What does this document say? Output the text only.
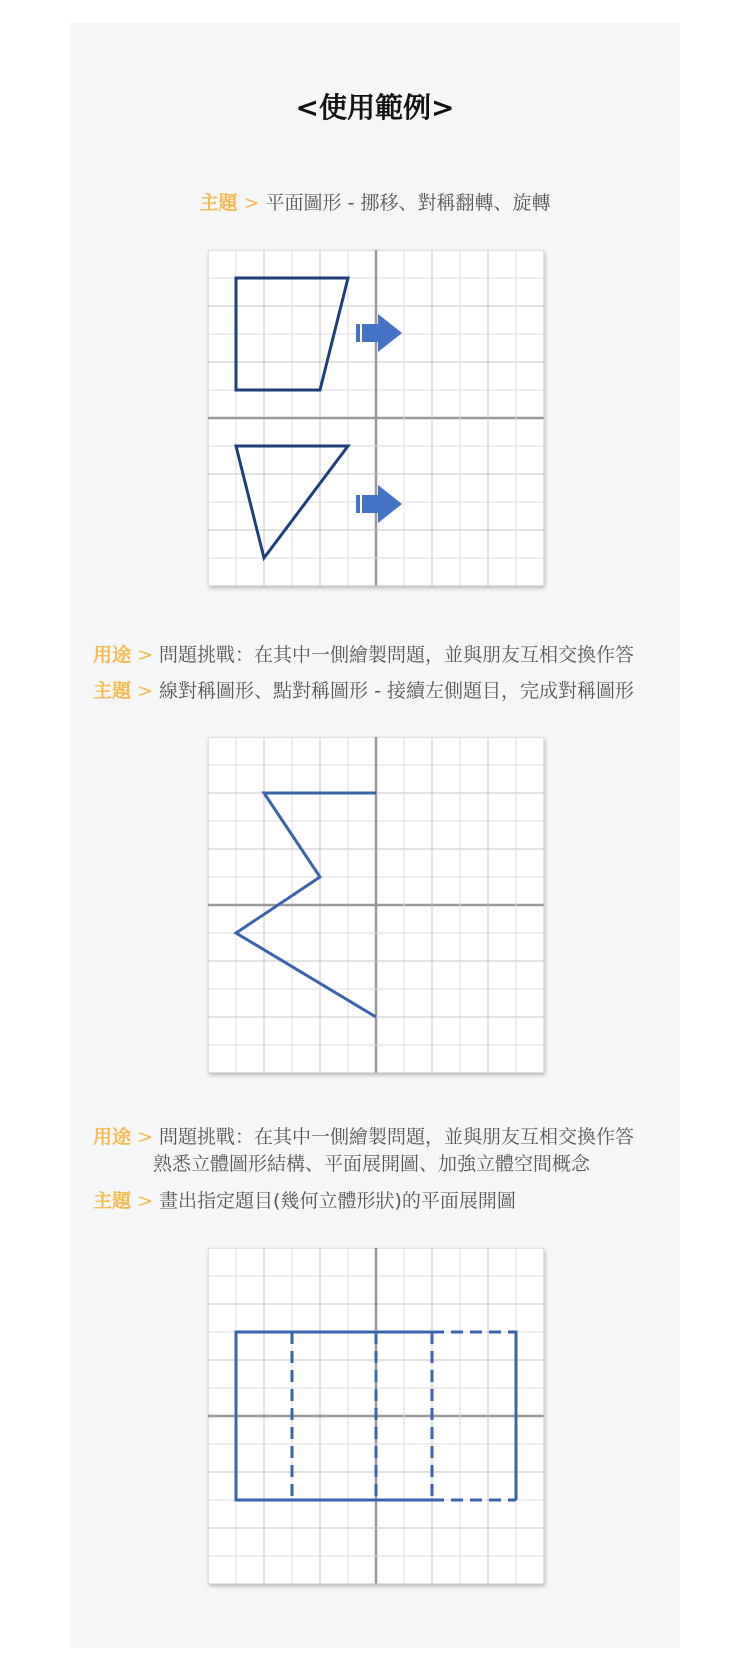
<使用範例>
主題 > 平面圖形 - 挪移、對稱翻轉、旋轉
用途 > 問題挑戰：在其中一側繪製問題，並與朋友互相交換作答
主題 > 線對稱圖形、點對稱圖形 - 接續左側題目，完成對稱圖形
用途 > 問題挑戰：在其中一側繪製問題，並與朋友互相交換作答
熟悉立體圖形結構、平面展開圖、加強立體空間概念
主題 > 畫出指定題目(幾何立體形狀)的平面展開圖
